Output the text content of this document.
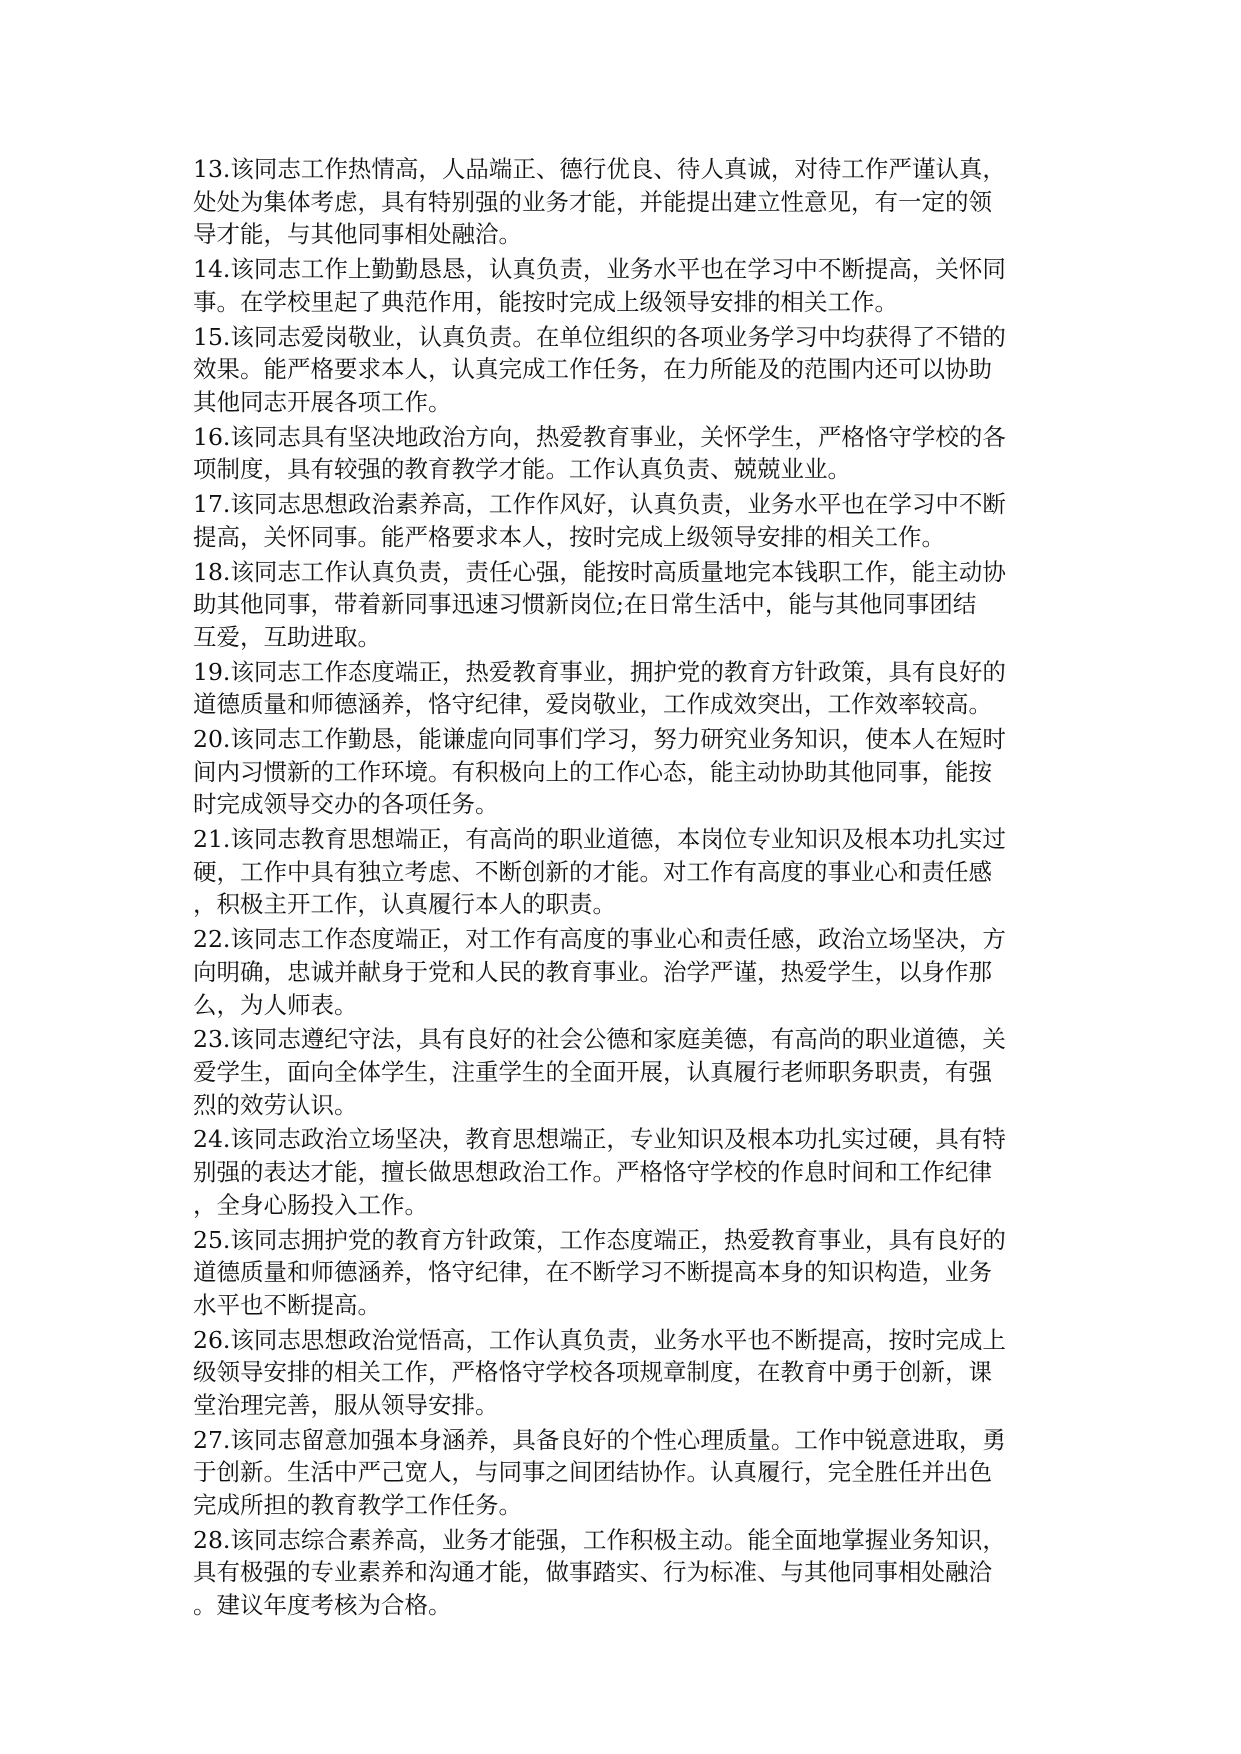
13.该同志工作热情高，人品端正、德行优良、待人真诚，对待工作严谨认真，
处处为集体考虑，具有特别强的业务才能，并能提出建立性意见，有一定的领
导才能，与其他同事相处融洽。
14.该同志工作上勤勤恳恳，认真负责，业务水平也在学习中不断提高，关怀同
事。在学校里起了典范作用，能按时完成上级领导安排的相关工作。
15.该同志爱岗敬业，认真负责。在单位组织的各项业务学习中均获得了不错的
效果。能严格要求本人，认真完成工作任务，在力所能及的范围内还可以协助
其他同志开展各项工作。
16.该同志具有坚决地政治方向，热爱教育事业，关怀学生，严格恪守学校的各
项制度，具有较强的教育教学才能。工作认真负责、兢兢业业。
17.该同志思想政治素养高，工作作风好，认真负责，业务水平也在学习中不断
提高，关怀同事。能严格要求本人，按时完成上级领导安排的相关工作。
18.该同志工作认真负责，责任心强，能按时高质量地完本钱职工作，能主动协
助其他同事，带着新同事迅速习惯新岗位;在日常生活中，能与其他同事团结
互爱，互助进取。
19.该同志工作态度端正，热爱教育事业，拥护党的教育方针政策，具有良好的
道德质量和师德涵养，恪守纪律，爱岗敬业，工作成效突出，工作效率较高。
20.该同志工作勤恳，能谦虚向同事们学习，努力研究业务知识，使本人在短时
间内习惯新的工作环境。有积极向上的工作心态，能主动协助其他同事，能按
时完成领导交办的各项任务。
21.该同志教育思想端正，有高尚的职业道德，本岗位专业知识及根本功扎实过
硬，工作中具有独立考虑、不断创新的才能。对工作有高度的事业心和责任感
，积极主开工作，认真履行本人的职责。
22.该同志工作态度端正，对工作有高度的事业心和责任感，政治立场坚决，方
向明确，忠诚并献身于党和人民的教育事业。治学严谨，热爱学生，以身作那
么，为人师表。
23.该同志遵纪守法，具有良好的社会公德和家庭美德，有高尚的职业道德，关
爱学生，面向全体学生，注重学生的全面开展，认真履行老师职务职责，有强
烈的效劳认识。
24.该同志政治立场坚决，教育思想端正，专业知识及根本功扎实过硬，具有特
别强的表达才能，擅长做思想政治工作。严格恪守学校的作息时间和工作纪律
，全身心肠投入工作。
25.该同志拥护党的教育方针政策，工作态度端正，热爱教育事业，具有良好的
道德质量和师德涵养，恪守纪律，在不断学习不断提高本身的知识构造，业务
水平也不断提高。
26.该同志思想政治觉悟高，工作认真负责，业务水平也不断提高，按时完成上
级领导安排的相关工作，严格恪守学校各项规章制度，在教育中勇于创新，课
堂治理完善，服从领导安排。
27.该同志留意加强本身涵养，具备良好的个性心理质量。工作中锐意进取，勇
于创新。生活中严己宽人，与同事之间团结协作。认真履行，完全胜任并出色
完成所担的教育教学工作任务。
28.该同志综合素养高，业务才能强，工作积极主动。能全面地掌握业务知识，
具有极强的专业素养和沟通才能，做事踏实、行为标准、与其他同事相处融洽
。建议年度考核为合格。
